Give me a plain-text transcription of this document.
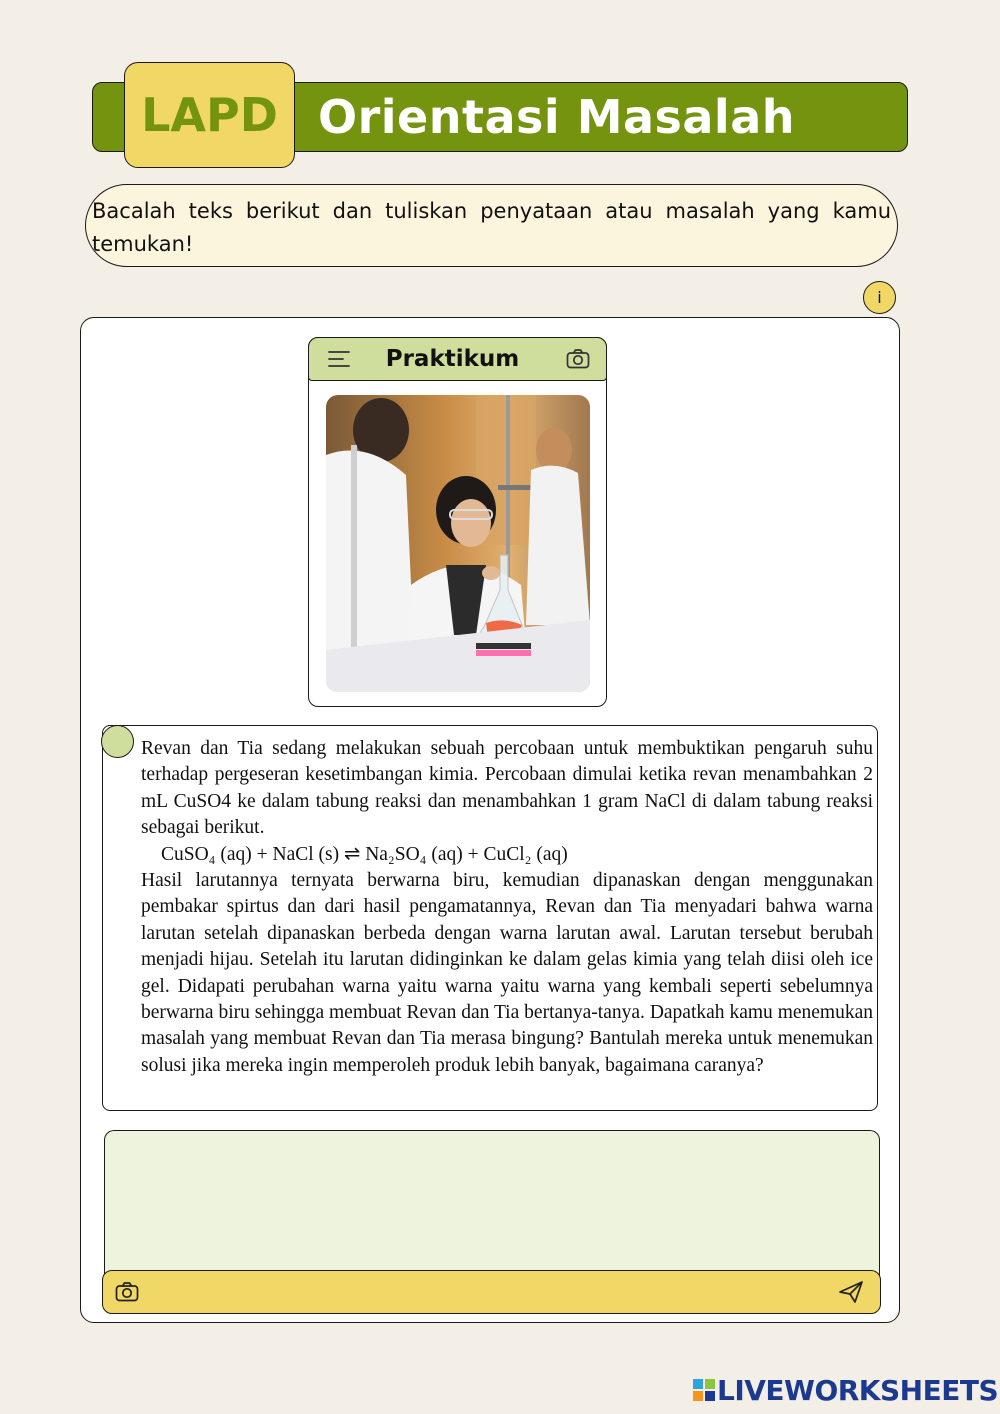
Orientasi Masalah
LAPD
Bacalah teks berikut dan tuliskan penyataan atau masalah yang kamu temukan!
i
Praktikum

Revan dan Tia sedang melakukan sebuah percobaan untuk membuktikan pengaruh suhu terhadap pergeseran kesetimbangan kimia. Percobaan dimulai ketika revan menambahkan 2 mL CuSO4 ke dalam tabung reaksi dan menambahkan 1 gram NaCl di dalam tabung reaksi sebagai berikut.

CuSO₄ (aq) + NaCl (s) ⇌ Na₂SO₄ (aq) + CuCl₂ (aq)

Hasil larutannya ternyata berwarna biru, kemudian dipanaskan dengan menggunakan pembakar spirtus dan dari hasil pengamatannya, Revan dan Tia menyadari bahwa warna larutan setelah dipanaskan berbeda dengan warna larutan awal. Larutan tersebut berubah menjadi hijau. Setelah itu larutan didinginkan ke dalam gelas kimia yang telah diisi oleh ice gel. Didapati perubahan warna yaitu warna yaitu warna yang kembali seperti sebelumnya berwarna biru sehingga membuat Revan dan Tia bertanya-tanya. Dapatkah kamu menemukan masalah yang membuat Revan dan Tia merasa bingung? Bantulah mereka untuk menemukan solusi jika mereka ingin memperoleh produk lebih banyak, bagaimana caranya?

LIVEWORKSHEETS
